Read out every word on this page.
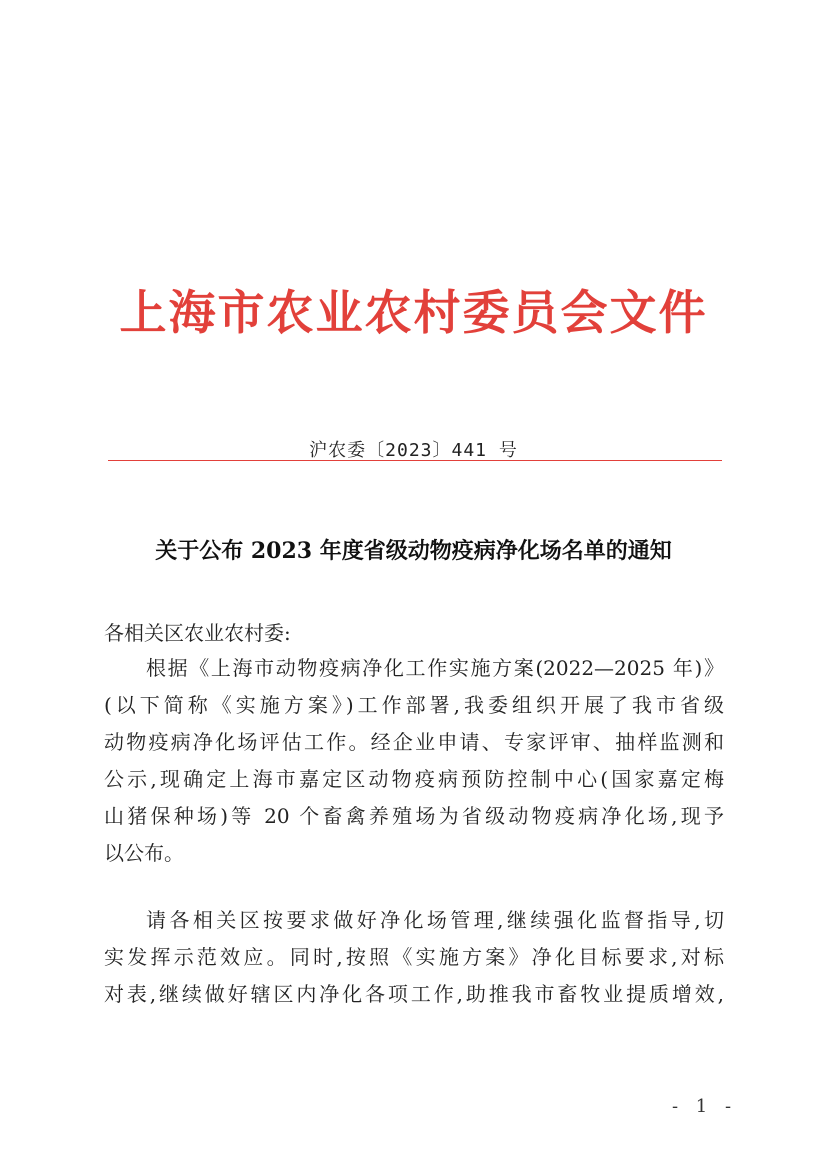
上海市农业农村委员会文件
沪农委〔2023〕441 号
关于公布 2023 年度省级动物疫病净化场名单的通知
各相关区农业农村委:
根据《上海市动物疫病净化工作实施方案(2022—2025 年)》
(以下简称《实施方案》)工作部署,我委组织开展了我市省级
动物疫病净化场评估工作。经企业申请、专家评审、抽样监测和
公示,现确定上海市嘉定区动物疫病预防控制中心(国家嘉定梅
山猪保种场)等 20 个畜禽养殖场为省级动物疫病净化场,现予
以公布。
请各相关区按要求做好净化场管理,继续强化监督指导,切
实发挥示范效应。同时,按照《实施方案》净化目标要求,对标
对表,继续做好辖区内净化各项工作,助推我市畜牧业提质增效,
- 1 -
